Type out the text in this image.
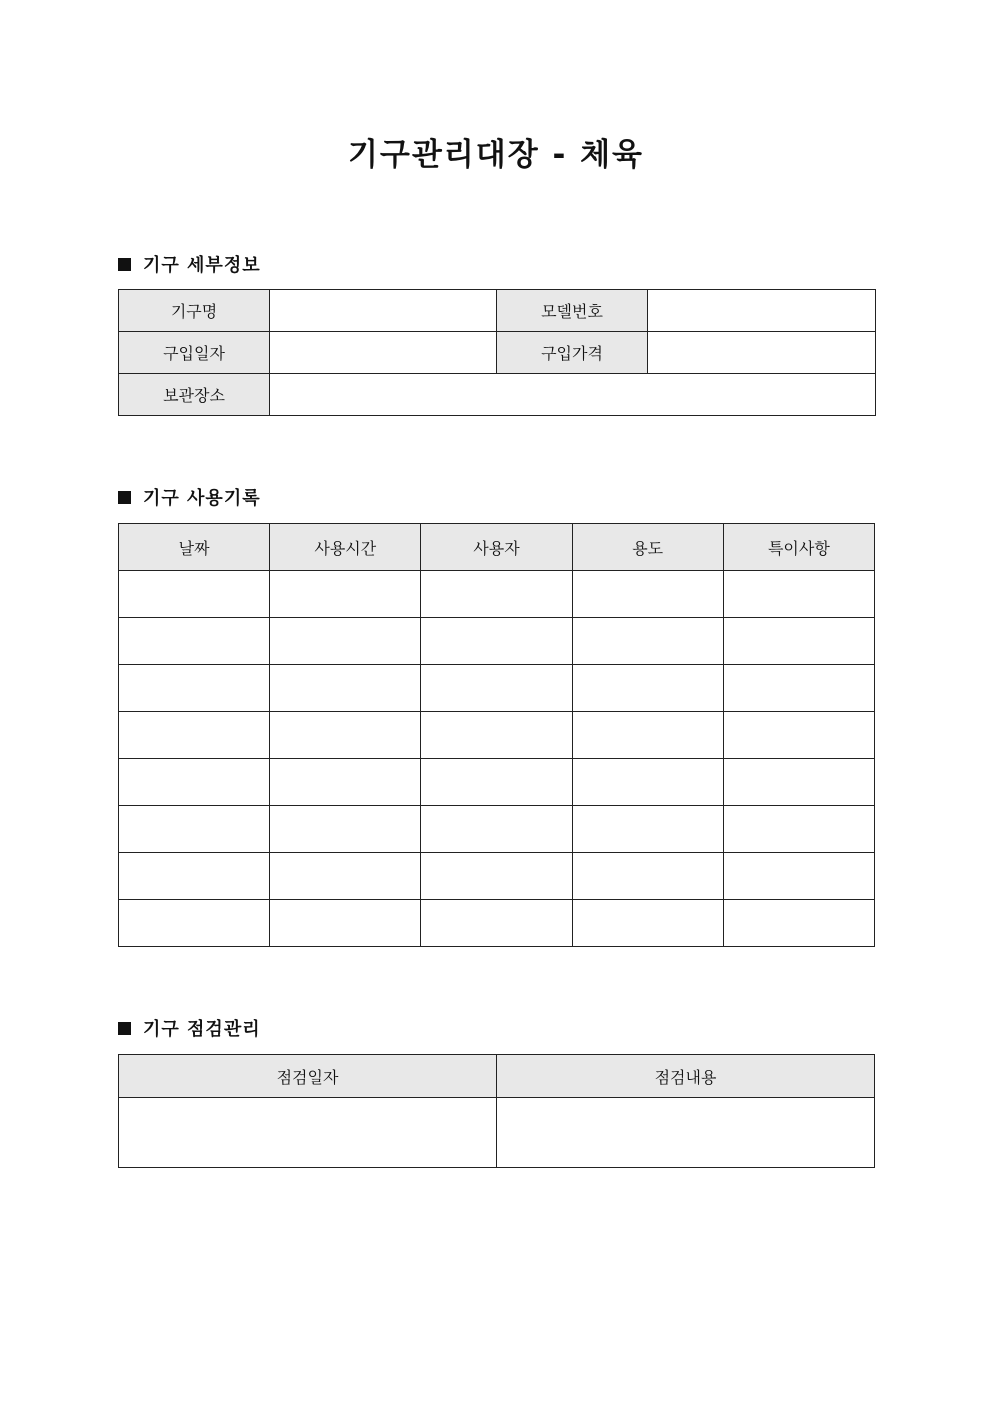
기구관리대장 - 체육
기구 세부정보
기구명		모델번호	
구입일자		구입가격	
보관장소			
기구 사용기록
날짜	사용시간	사용자	용도	특이사항

기구 점검관리
점검일자	점검내용
